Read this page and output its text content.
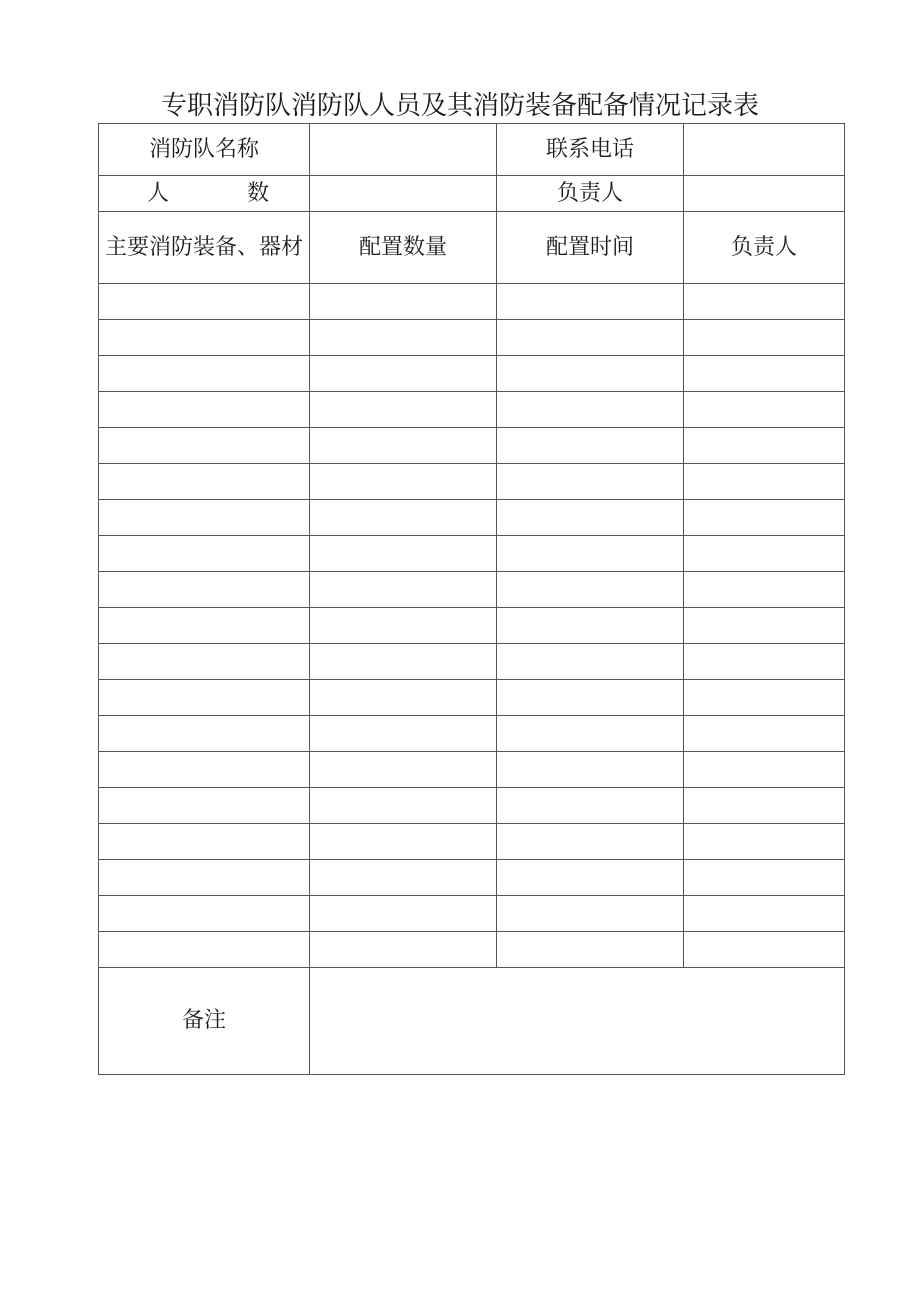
专职消防队消防队人员及其消防装备配备情况记录表
消防队名称		联系电话	

人 数		负责人	

主要消防装备、器材	配置数量	配置时间	负责人

备注			
